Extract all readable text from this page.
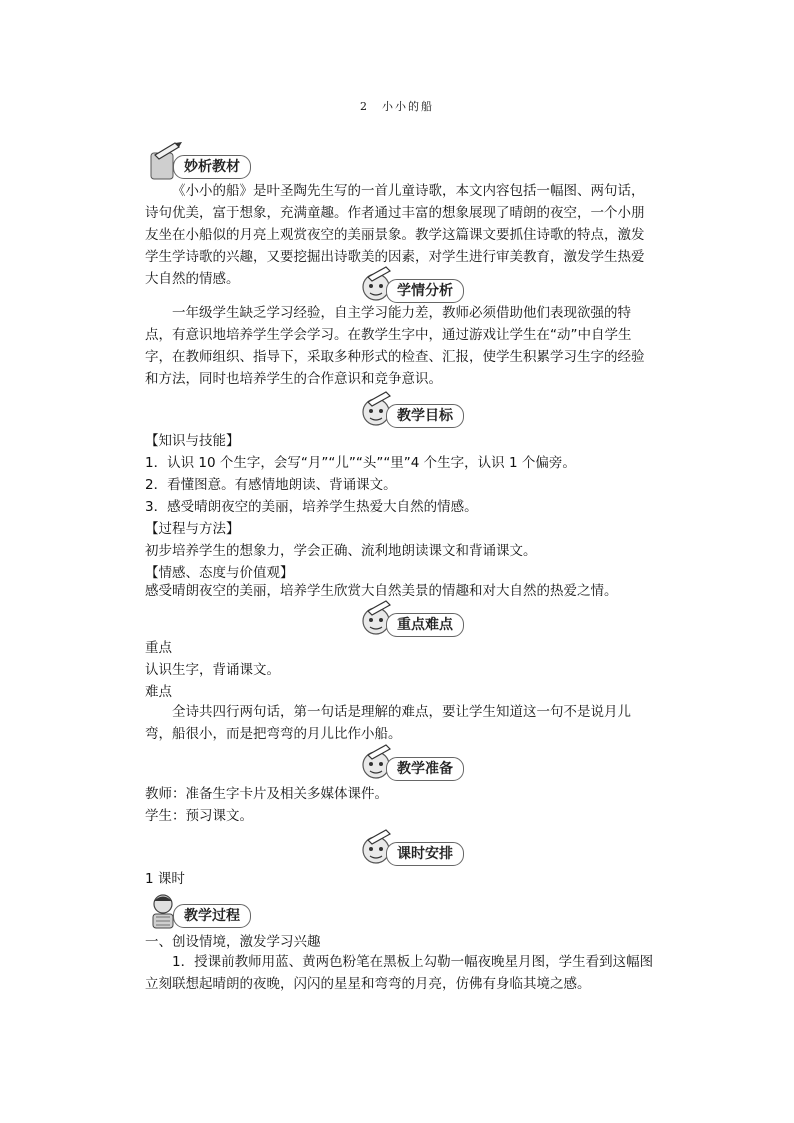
2　小小的船
妙析教材

《小小的船》是叶圣陶先生写的一首儿童诗歌，本文内容包括一幅图、两句话，诗句优美，富于想象，充满童趣。作者通过丰富的想象展现了晴朗的夜空，一个小朋友坐在小船似的月亮上观赏夜空的美丽景象。教学这篇课文要抓住诗歌的特点，激发学生学诗歌的兴趣，又要挖掘出诗歌美的因素，对学生进行审美教育，激发学生热爱大自然的情感。

学情分析

一年级学生缺乏学习经验，自主学习能力差，教师必须借助他们表现欲强的特点，有意识地培养学生学会学习。在教学生字中，通过游戏让学生在“动”中自学生字，在教师组织、指导下，采取多种形式的检查、汇报，使学生积累学习生字的经验和方法，同时也培养学生的合作意识和竞争意识。

教学目标

【知识与技能】

1．认识 10 个生字，会写“月”“儿”“头”“里”4 个生字，认识 1 个偏旁。

2．看懂图意。有感情地朗读、背诵课文。

3．感受晴朗夜空的美丽，培养学生热爱大自然的情感。

【过程与方法】

初步培养学生的想象力，学会正确、流利地朗读课文和背诵课文。

【情感、态度与价值观】

感受晴朗夜空的美丽，培养学生欣赏大自然美景的情趣和对大自然的热爱之情。

重点难点

重点

认识生字，背诵课文。

难点

全诗共四行两句话，第一句话是理解的难点，要让学生知道这一句不是说月儿弯，船很小，而是把弯弯的月儿比作小船。

教学准备

教师：准备生字卡片及相关多媒体课件。

学生：预习课文。

课时安排

1 课时

教学过程

一、创设情境，激发学习兴趣

1．授课前教师用蓝、黄两色粉笔在黑板上勾勒一幅夜晚星月图，学生看到这幅图立刻联想起晴朗的夜晚，闪闪的星星和弯弯的月亮，仿佛有身临其境之感。
